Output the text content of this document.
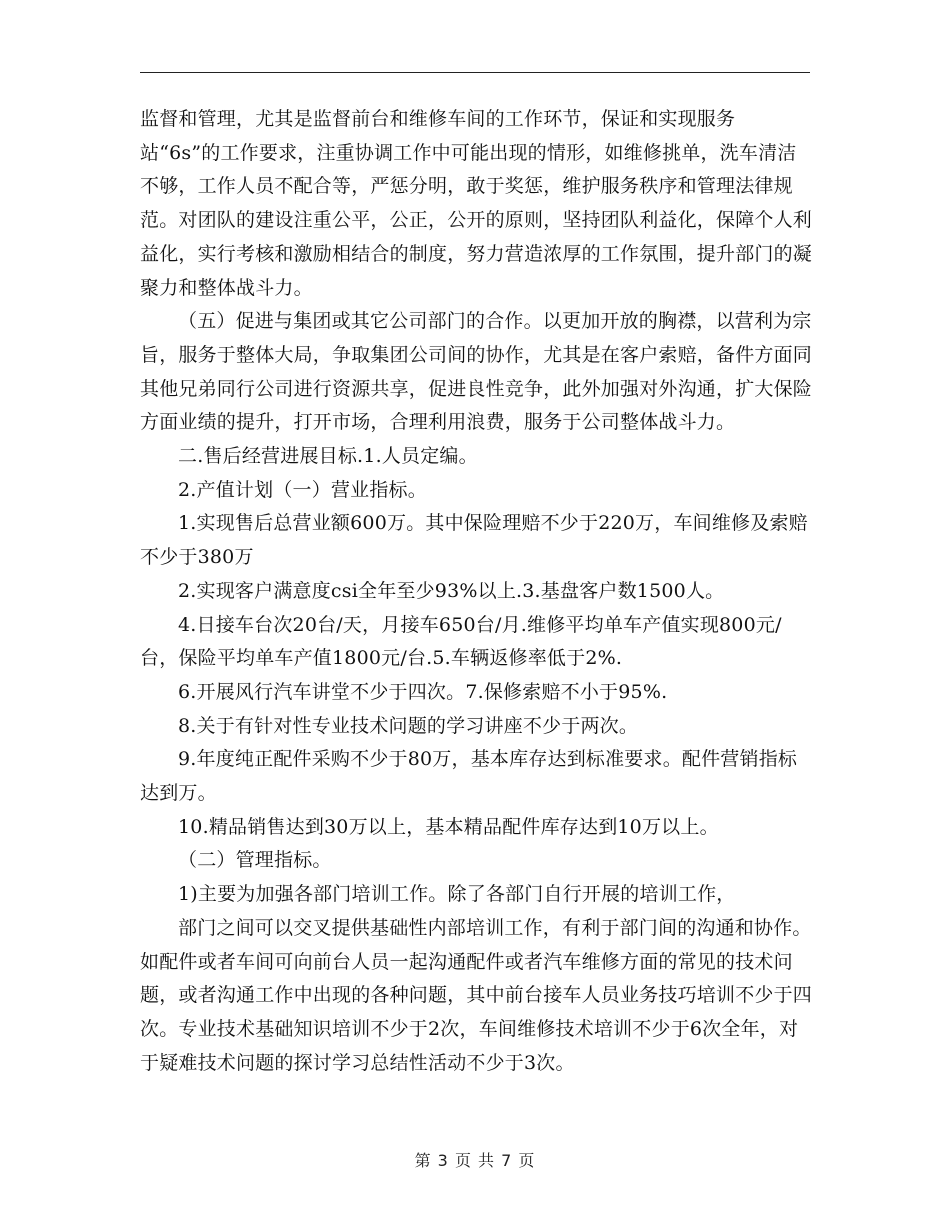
监督和管理，尤其是监督前台和维修车间的工作环节，保证和实现服务站“6s”的工作要求，注重协调工作中可能出现的情形，如维修挑单，洗车清洁不够，工作人员不配合等，严惩分明，敢于奖惩，维护服务秩序和管理法律规范。对团队的建设注重公平，公正，公开的原则，坚持团队利益化，保障个人利益化，实行考核和激励相结合的制度，努力营造浓厚的工作氛围，提升部门的凝聚力和整体战斗力。

（五）促进与集团或其它公司部门的合作。以更加开放的胸襟，以营利为宗旨，服务于整体大局，争取集团公司间的协作，尤其是在客户索赔，备件方面同其他兄弟同行公司进行资源共享，促进良性竞争，此外加强对外沟通，扩大保险方面业绩的提升，打开市场，合理利用浪费，服务于公司整体战斗力。

二.售后经营进展目标.1.人员定编。

2.产值计划（一）营业指标。

1.实现售后总营业额600万。其中保险理赔不少于220万，车间维修及索赔不少于380万

2.实现客户满意度csi全年至少93%以上.3.基盘客户数1500人。

4.日接车台次20台/天，月接车650台/月.维修平均单车产值实现800元/台，保险平均单车产值1800元/台.5.车辆返修率低于2%.

6.开展风行汽车讲堂不少于四次。7.保修索赔不小于95%.

8.关于有针对性专业技术问题的学习讲座不少于两次。

9.年度纯正配件采购不少于80万，基本库存达到标准要求。配件营销指标达到万。

10.精品销售达到30万以上，基本精品配件库存达到10万以上。

（二）管理指标。

1)主要为加强各部门培训工作。除了各部门自行开展的培训工作，

部门之间可以交叉提供基础性内部培训工作，有利于部门间的沟通和协作。如配件或者车间可向前台人员一起沟通配件或者汽车维修方面的常见的技术问题，或者沟通工作中出现的各种问题，其中前台接车人员业务技巧培训不少于四次。专业技术基础知识培训不少于2次，车间维修技术培训不少于6次全年，对于疑难技术问题的探讨学习总结性活动不少于3次。

第 3 页 共 7 页
